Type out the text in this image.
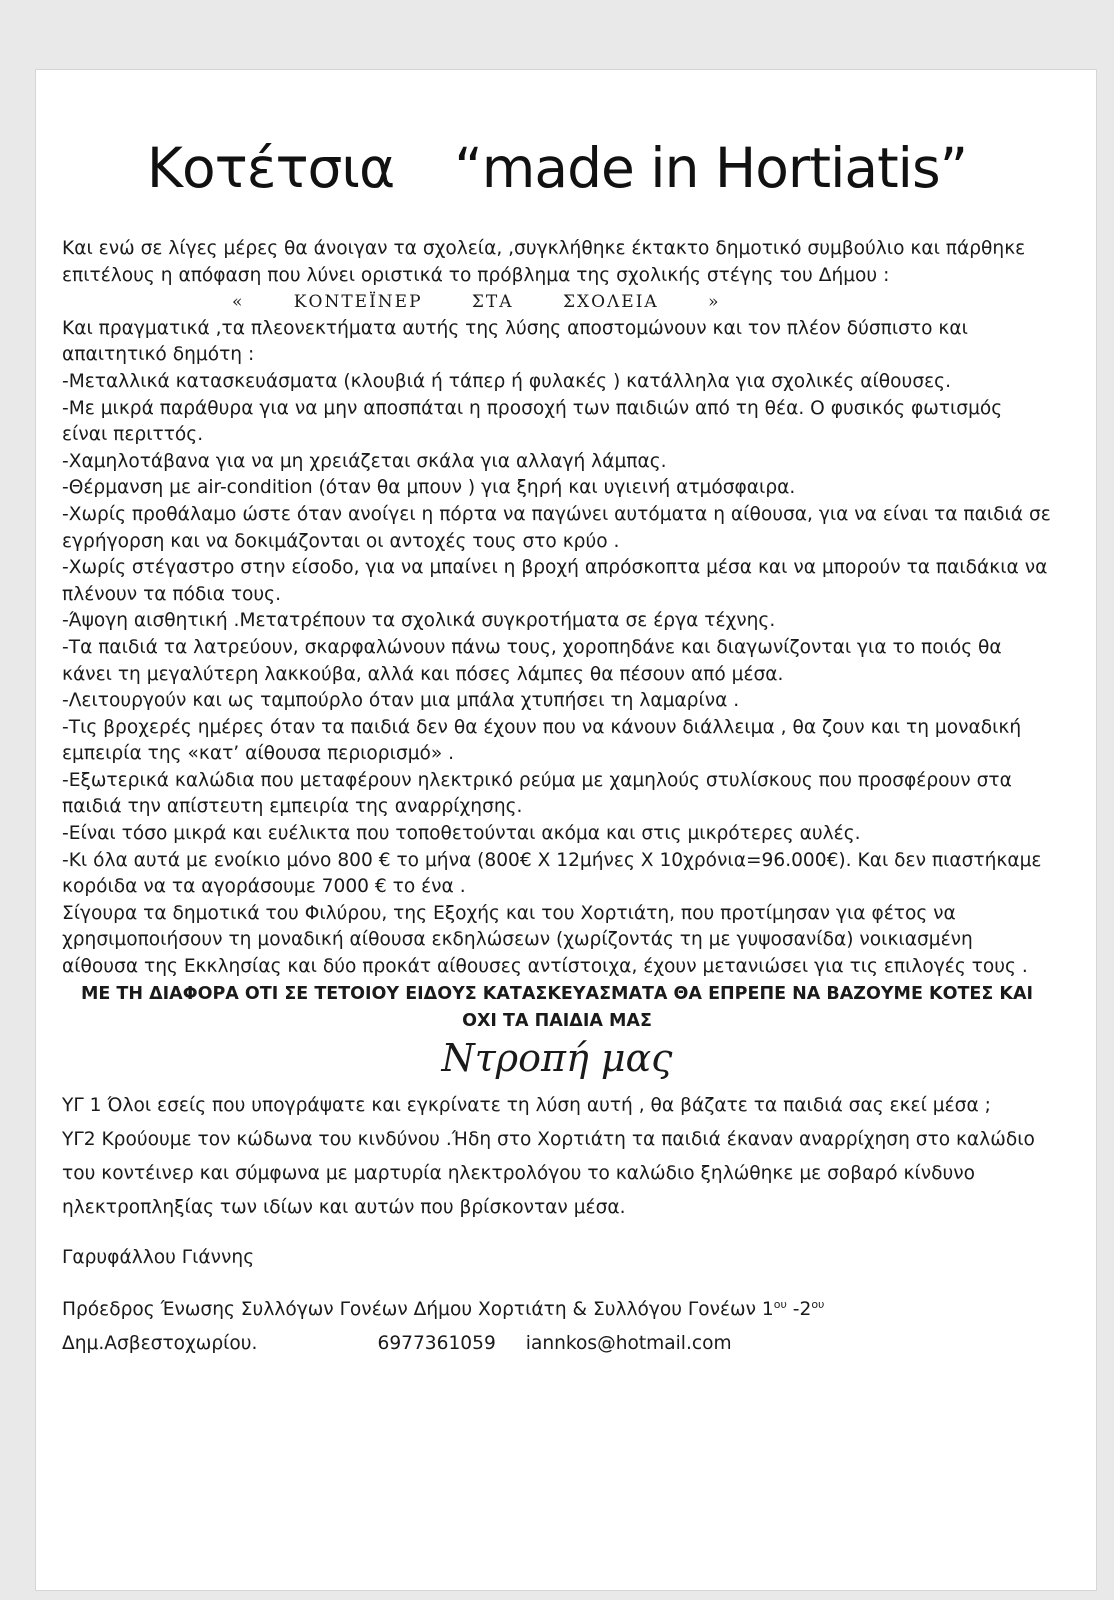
Κοτέτσια “made in Hortiatis”

Και ενώ σε λίγες μέρες θα άνοιγαν τα σχολεία, ,συγκλήθηκε έκτακτο δημοτικό συμβούλιο και πάρθηκε επιτέλους η απόφαση που λύνει οριστικά το πρόβλημα της σχολικής στέγης του Δήμου :« ΚΟΝΤΕΪΝΕΡ ΣΤΑ ΣΧΟΛΕΙΑ »

Και πραγματικά ,τα πλεονεκτήματα αυτής της λύσης αποστομώνουν και τον πλέον δύσπιστο και απαιτητικό δημότη :

-Μεταλλικά κατασκευάσματα (κλουβιά ή τάπερ ή φυλακές ) κατάλληλα για σχολικές αίθουσες.

-Με μικρά παράθυρα για να μην αποσπάται η προσοχή των παιδιών από τη θέα. Ο φυσικός φωτισμός είναι περιττός.

-Χαμηλοτάβανα για να μη χρειάζεται σκάλα για αλλαγή λάμπας.

-Θέρμανση με air-condition (όταν θα μπουν ) για ξηρή και υγιεινή ατμόσφαιρα.

-Χωρίς προθάλαμο ώστε όταν ανοίγει η πόρτα να παγώνει αυτόματα η αίθουσα, για να είναι τα παιδιά σε εγρήγορση και να δοκιμάζονται οι αντοχές τους στο κρύο .

-Χωρίς στέγαστρο στην είσοδο, για να μπαίνει η βροχή απρόσκοπτα μέσα και να μπορούν τα παιδάκια να πλένουν τα πόδια τους.

-Άψογη αισθητική .Μετατρέπουν τα σχολικά συγκροτήματα σε έργα τέχνης.

-Τα παιδιά τα λατρεύουν, σκαρφαλώνουν πάνω τους, χοροπηδάνε και διαγωνίζονται για το ποιός θα κάνει τη μεγαλύτερη λακκούβα, αλλά και πόσες λάμπες θα πέσουν από μέσα.

-Λειτουργούν και ως ταμπούρλο όταν μια μπάλα χτυπήσει τη λαμαρίνα .

-Τις βροχερές ημέρες όταν τα παιδιά δεν θα έχουν που να κάνουν διάλλειμα , θα ζουν και τη μοναδική εμπειρία της «κατ’ αίθουσα περιορισμό» .

-Εξωτερικά καλώδια που μεταφέρουν ηλεκτρικό ρεύμα με χαμηλούς στυλίσκους που προσφέρουν στα παιδιά την απίστευτη εμπειρία της αναρρίχησης.

-Είναι τόσο μικρά και ευέλικτα που τοποθετούνται ακόμα και στις μικρότερες αυλές.

-Κι όλα αυτά με ενοίκιο μόνο 800 € το μήνα (800€ Χ 12μήνες Χ 10χρόνια=96.000€). Και δεν πιαστήκαμε κορόιδα να τα αγοράσουμε 7000 € το ένα .

Σίγουρα τα δημοτικά του Φιλύρου, της Εξοχής και του Χορτιάτη, που προτίμησαν για φέτος να χρησιμοποιήσουν τη μοναδική αίθουσα εκδηλώσεων (χωρίζοντάς τη με γυψοσανίδα) νοικιασμένη αίθουσα της Εκκλησίας και δύο προκάτ αίθουσες αντίστοιχα, έχουν μετανιώσει για τις επιλογές τους .

ΜΕ ΤΗ ΔΙΑΦΟΡΑ ΟΤΙ ΣΕ ΤΕΤΟΙΟΥ ΕΙΔΟΥΣ ΚΑΤΑΣΚΕΥΑΣΜΑΤΑ ΘΑ ΕΠΡΕΠΕ ΝΑ ΒΑΖΟΥΜΕ ΚΟΤΕΣ ΚΑΙ ΟΧΙ ΤΑ ΠΑΙΔΙΑ ΜΑΣ

Ντροπή μας

ΥΓ 1 Όλοι εσείς που υπογράψατε και εγκρίνατε τη λύση αυτή , θα βάζατε τα παιδιά σας εκεί μέσα ;

ΥΓ2 Κρούουμε τον κώδωνα του κινδύνου .Ήδη στο Χορτιάτη τα παιδιά έκαναν αναρρίχηση στο καλώδιο του κοντέινερ και σύμφωνα με μαρτυρία ηλεκτρολόγου το καλώδιο ξηλώθηκε με σοβαρό κίνδυνο ηλεκτροπληξίας των ιδίων και αυτών που βρίσκονταν μέσα.

Γαρυφάλλου Γιάννης

Πρόεδρος Ένωσης Συλλόγων Γονέων Δήμου Χορτιάτη & Συλλόγου Γονέων $1^{o\upsilon}$ $-2^{o\upsilon}$

Δημ.Ασβεστοχωρίου.	6977361059 iannkos@hotmail.com
